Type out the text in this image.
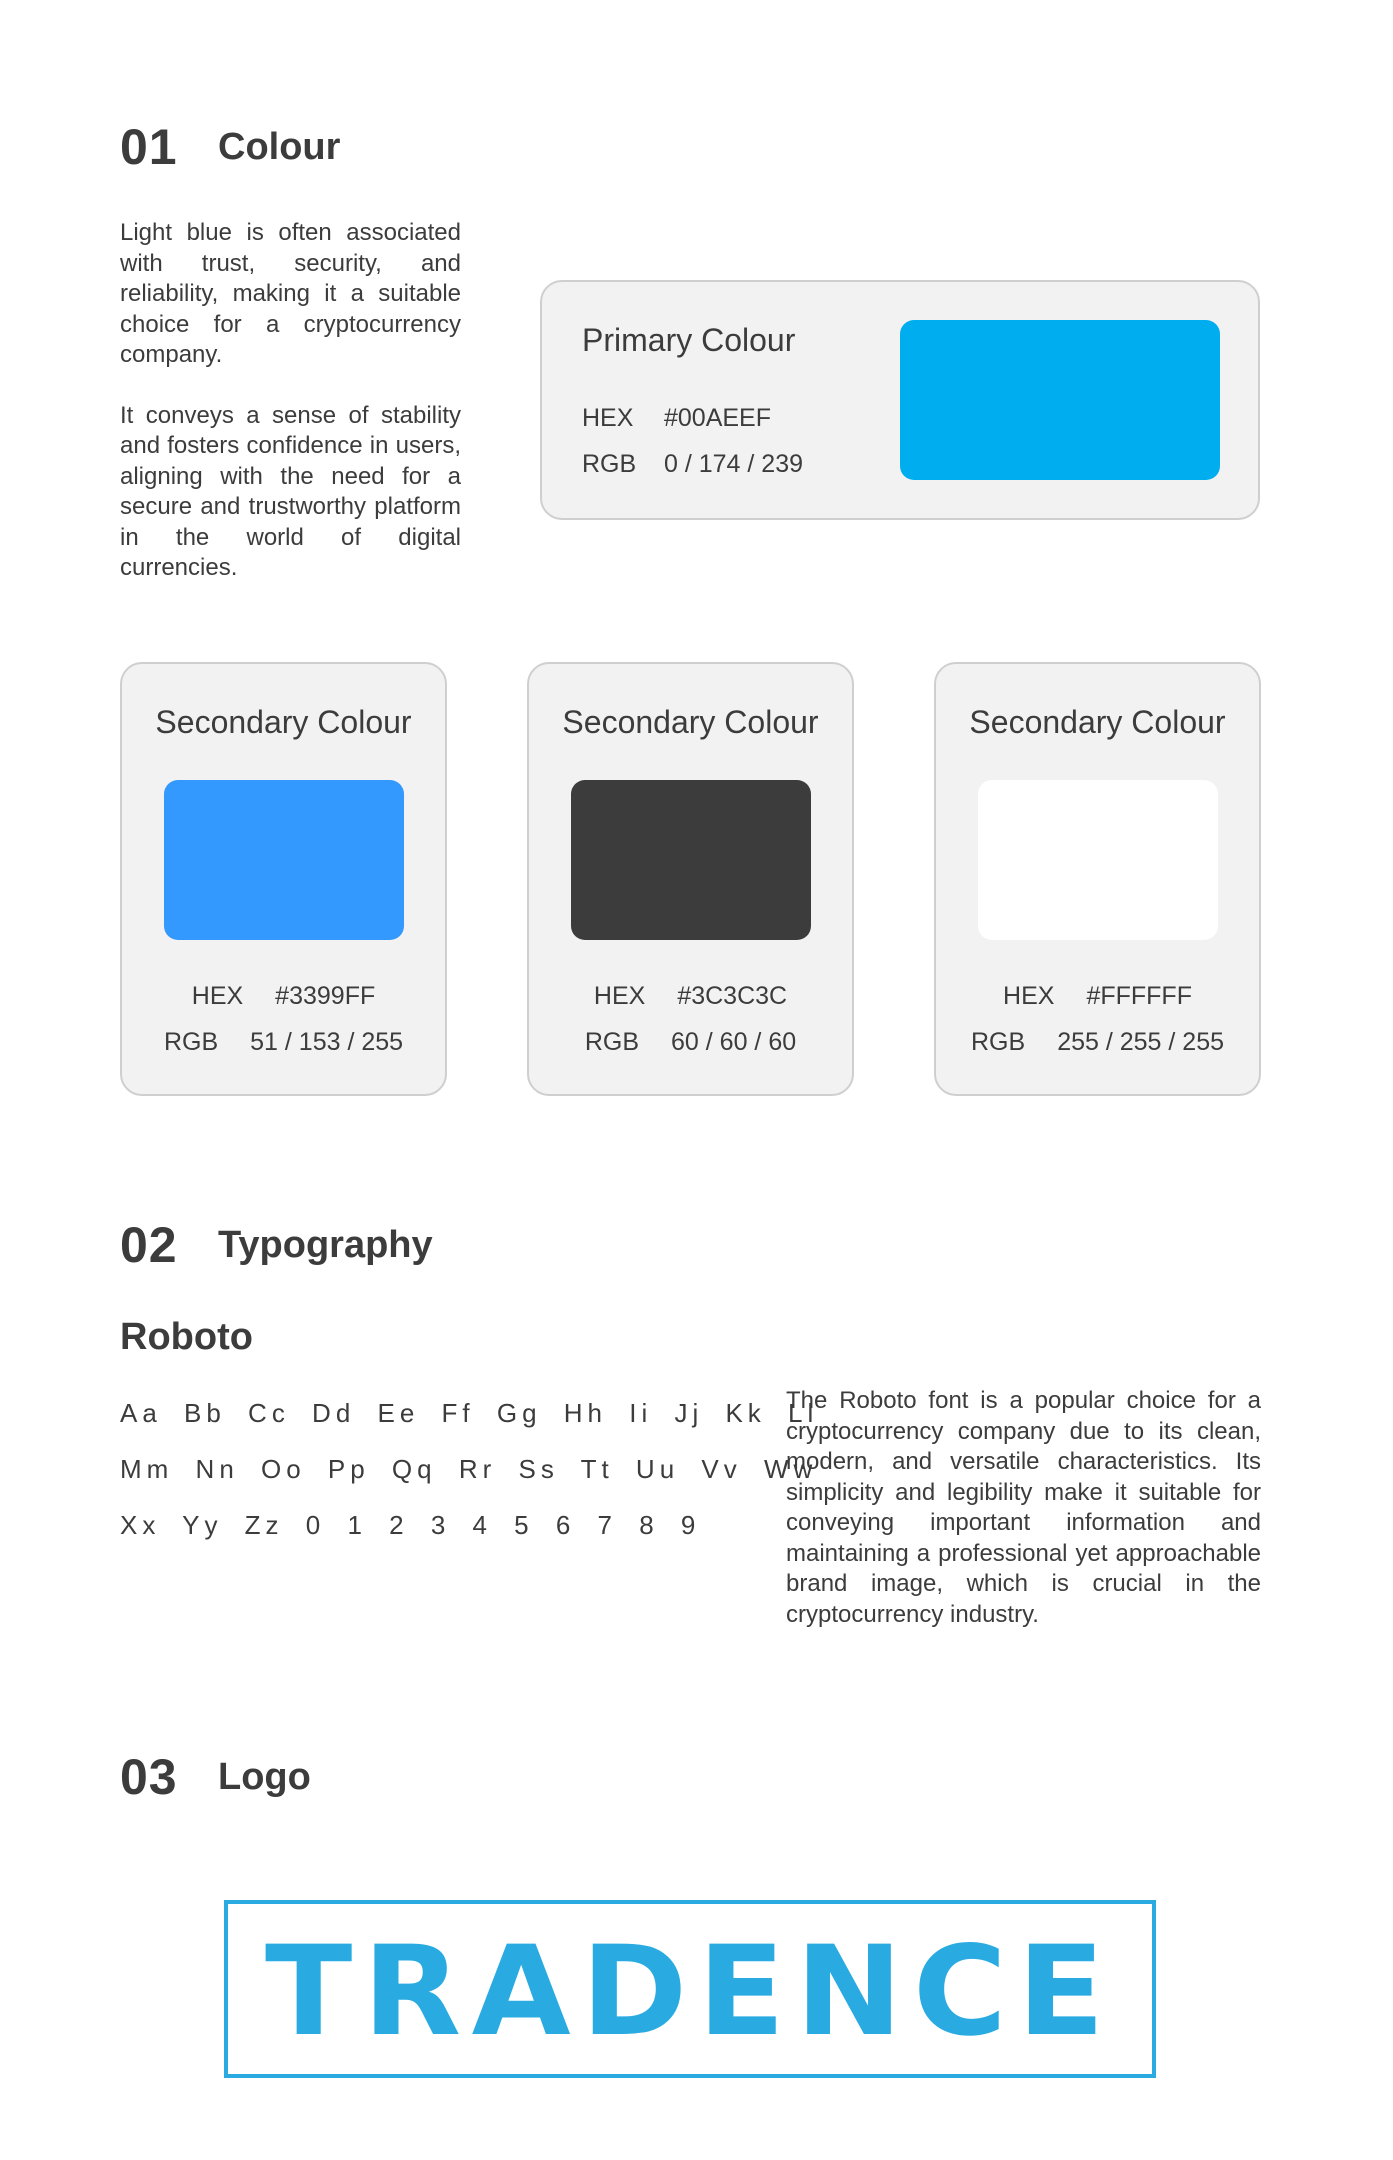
01 Colour

Light blue is often associated with trust, security, and reliability, making it a suitable choice for a cryptocurrency company.

It conveys a sense of stability and fosters confidence in users, aligning with the need for a secure and trustworthy platform in the world of digital currencies.

Primary Colour
HEX #00AEEF
RGB 0 / 174 / 239
Secondary Colour
HEX #3399FF
RGB 51 / 153 / 255
Secondary Colour
HEX #3C3C3C
RGB 60 / 60 / 60
Secondary Colour
HEX #FFFFFF
RGB 255 / 255 / 255
02 Typography
Roboto
Aa Bb Cc Dd Ee Ff Gg Hh Ii Jj Kk Ll
Mm Nn Oo Pp Qq Rr Ss Tt Uu Vv Ww
Xx Yy Zz 0 1 2 3 4 5 6 7 8 9
The Roboto font is a popular choice for a cryptocurrency company due to its clean, modern, and versatile characteristics. Its simplicity and legibility make it suitable for conveying important information and maintaining a professional yet approachable brand image, which is crucial in the cryptocurrency industry.
03 Logo
TRADENCE
